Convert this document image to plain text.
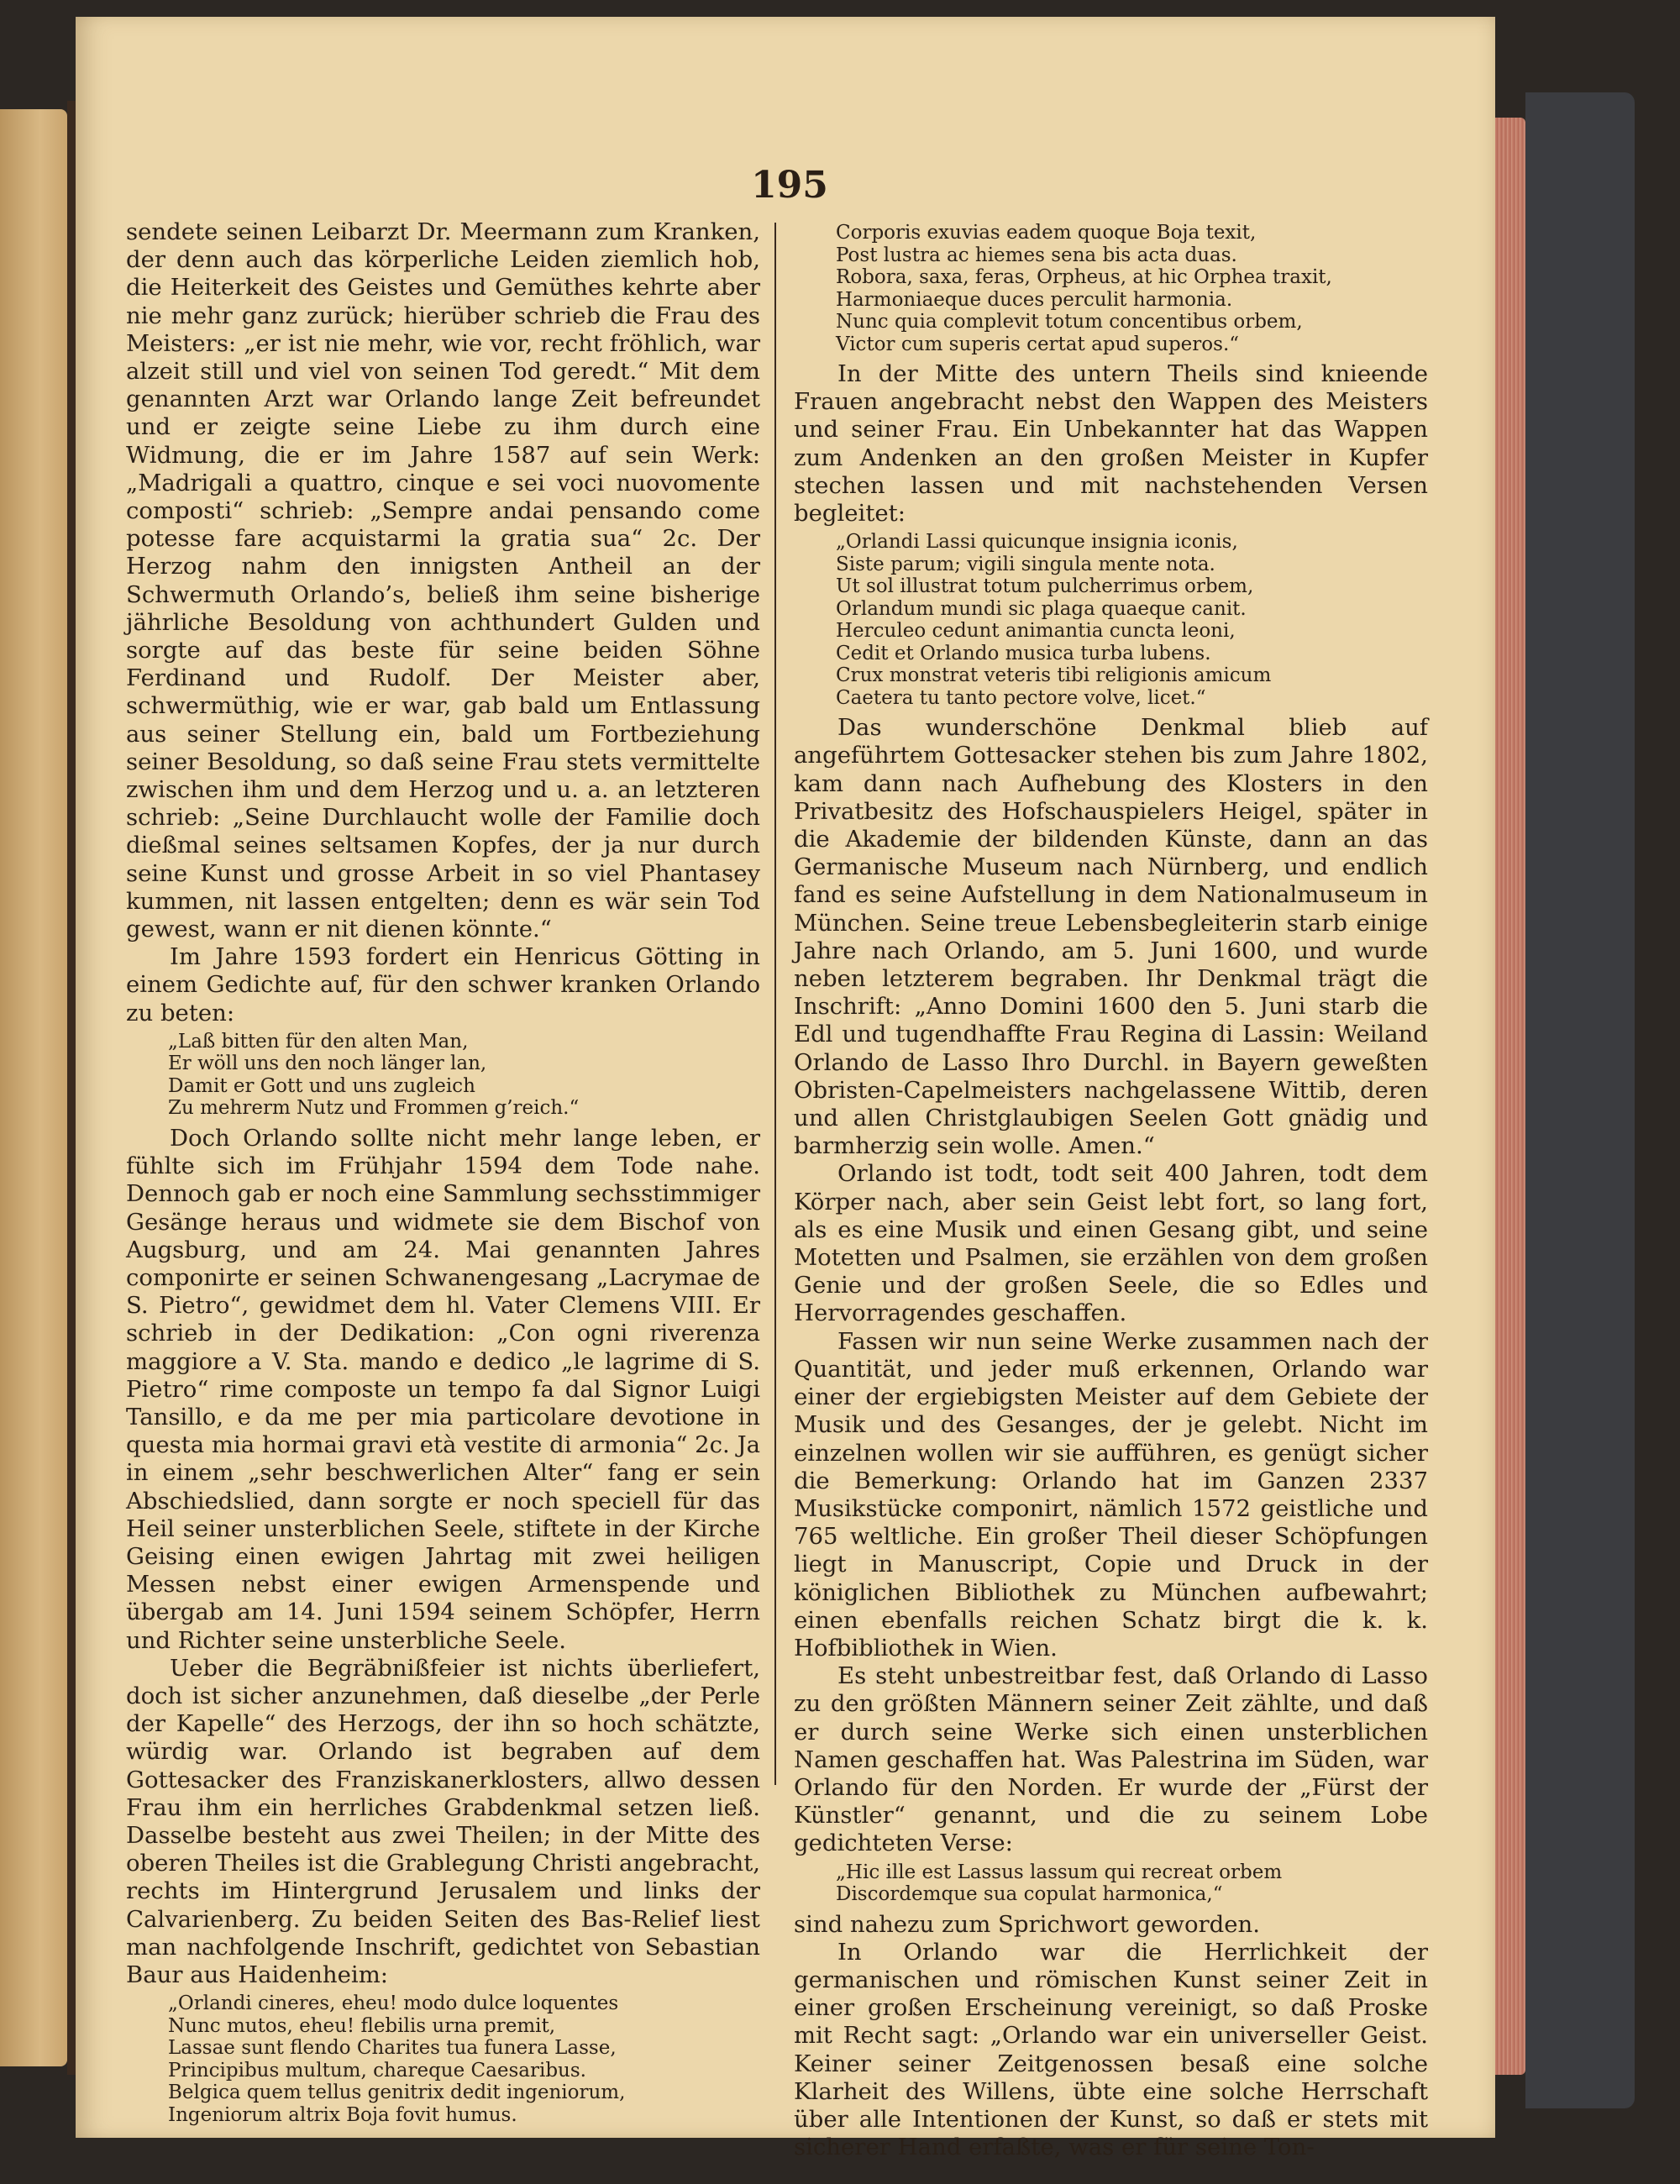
195

sendete seinen Leibarzt Dr. Meermann zum Kranken, der denn auch das körperliche Leiden ziemlich hob, die Heiterkeit des Geistes und Gemüthes kehrte aber nie mehr ganz zurück; hierüber schrieb die Frau des Meisters: „er ist nie mehr, wie vor, recht fröhlich, war alzeit still und viel von seinen Tod geredt.“ Mit dem genannten Arzt war Orlando lange Zeit befreundet und er zeigte seine Liebe zu ihm durch eine Widmung, die er im Jahre 1587 auf sein Werk: „Madrigali a quattro, cinque e sei voci nuovomente composti“ schrieb: „Sempre andai pensando come potesse fare acquistarmi la gratia sua“ 2c. Der Herzog nahm den innigsten Antheil an der Schwermuth Orlando’s, beließ ihm seine bisherige jährliche Besoldung von achthundert Gulden und sorgte auf das beste für seine beiden Söhne Ferdinand und Rudolf. Der Meister aber, schwermüthig, wie er war, gab bald um Entlassung aus seiner Stellung ein, bald um Fortbeziehung seiner Besoldung, so daß seine Frau stets vermittelte zwischen ihm und dem Herzog und u. a. an letzteren schrieb: „Seine Durchlaucht wolle der Familie doch dießmal seines seltsamen Kopfes, der ja nur durch seine Kunst und grosse Arbeit in so viel Phantasey kummen, nit lassen entgelten; denn es wär sein Tod gewest, wann er nit dienen könnte.“

Im Jahre 1593 fordert ein Henricus Götting in einem Gedichte auf, für den schwer kranken Orlando zu beten:

„Laß bitten für den alten Man,
Er wöll uns den noch länger lan,
Damit er Gott und uns zugleich
Zu mehrerm Nutz und Frommen g’reich.“

Doch Orlando sollte nicht mehr lange leben, er fühlte sich im Frühjahr 1594 dem Tode nahe. Dennoch gab er noch eine Sammlung sechsstimmiger Gesänge heraus und widmete sie dem Bischof von Augsburg, und am 24. Mai genannten Jahres componirte er seinen Schwanengesang „Lacrymae de S. Pietro“, gewidmet dem hl. Vater Clemens VIII. Er schrieb in der Dedikation: „Con ogni riverenza maggiore a V. Sta. mando e dedico „le lagrime di S. Pietro“ rime composte un tempo fa dal Signor Luigi Tansillo, e da me per mia particolare devotione in questa mia hormai gravi età vestite di armonia“ 2c. Ja in einem „sehr beschwerlichen Alter“ fang er sein Abschiedslied, dann sorgte er noch speciell für das Heil seiner unsterblichen Seele, stiftete in der Kirche Geising einen ewigen Jahrtag mit zwei heiligen Messen nebst einer ewigen Armenspende und übergab am 14. Juni 1594 seinem Schöpfer, Herrn und Richter seine unsterbliche Seele.

Ueber die Begräbnißfeier ist nichts überliefert, doch ist sicher anzunehmen, daß dieselbe „der Perle der Kapelle“ des Herzogs, der ihn so hoch schätzte, würdig war. Orlando ist begraben auf dem Gottesacker des Franziskanerklosters, allwo dessen Frau ihm ein herrliches Grabdenkmal setzen ließ. Dasselbe besteht aus zwei Theilen; in der Mitte des oberen Theiles ist die Grablegung Christi angebracht, rechts im Hintergrund Jerusalem und links der Calvarienberg. Zu beiden Seiten des Bas-Relief liest man nachfolgende Inschrift, gedichtet von Sebastian Baur aus Haidenheim:

„Orlandi cineres, eheu! modo dulce loquentes
Nunc mutos, eheu! flebilis urna premit,
Lassae sunt flendo Charites tua funera Lasse,
Principibus multum, chareque Caesaribus.
Belgica quem tellus genitrix dedit ingeniorum,
Ingeniorum altrix Boja fovit humus.
Corporis exuvias eadem quoque Boja texit,
Post lustra ac hiemes sena bis acta duas.
Robora, saxa, feras, Orpheus, at hic Orphea traxit,
Harmoniaeque duces perculit harmonia.
Nunc quia complevit totum concentibus orbem,
Victor cum superis certat apud superos.“

In der Mitte des untern Theils sind knieende Frauen angebracht nebst den Wappen des Meisters und seiner Frau. Ein Unbekannter hat das Wappen zum Andenken an den großen Meister in Kupfer stechen lassen und mit nachstehenden Versen begleitet:

„Orlandi Lassi quicunque insignia iconis,
Siste parum; vigili singula mente nota.
Ut sol illustrat totum pulcherrimus orbem,
Orlandum mundi sic plaga quaeque canit.
Herculeo cedunt animantia cuncta leoni,
Cedit et Orlando musica turba lubens.
Crux monstrat veteris tibi religionis amicum
Caetera tu tanto pectore volve, licet.“

Das wunderschöne Denkmal blieb auf angeführtem Gottesacker stehen bis zum Jahre 1802, kam dann nach Aufhebung des Klosters in den Privatbesitz des Hofschauspielers Heigel, später in die Akademie der bildenden Künste, dann an das Germanische Museum nach Nürnberg, und endlich fand es seine Aufstellung in dem Nationalmuseum in München. Seine treue Lebensbegleiterin starb einige Jahre nach Orlando, am 5. Juni 1600, und wurde neben letzterem begraben. Ihr Denkmal trägt die Inschrift: „Anno Domini 1600 den 5. Juni starb die Edl und tugendhaffte Frau Regina di Lassin: Weiland Orlando de Lasso Ihro Durchl. in Bayern geweßten Obristen-Capelmeisters nachgelassene Wittib, deren und allen Christglaubigen Seelen Gott gnädig und barmherzig sein wolle. Amen.“

Orlando ist todt, todt seit 400 Jahren, todt dem Körper nach, aber sein Geist lebt fort, so lang fort, als es eine Musik und einen Gesang gibt, und seine Motetten und Psalmen, sie erzählen von dem großen Genie und der großen Seele, die so Edles und Hervorragendes geschaffen.

Fassen wir nun seine Werke zusammen nach der Quantität, und jeder muß erkennen, Orlando war einer der ergiebigsten Meister auf dem Gebiete der Musik und des Gesanges, der je gelebt. Nicht im einzelnen wollen wir sie aufführen, es genügt sicher die Bemerkung: Orlando hat im Ganzen 2337 Musikstücke componirt, nämlich 1572 geistliche und 765 weltliche. Ein großer Theil dieser Schöpfungen liegt in Manuscript, Copie und Druck in der königlichen Bibliothek zu München aufbewahrt; einen ebenfalls reichen Schatz birgt die k. k. Hofbibliothek in Wien.

Es steht unbestreitbar fest, daß Orlando di Lasso zu den größten Männern seiner Zeit zählte, und daß er durch seine Werke sich einen unsterblichen Namen geschaffen hat. Was Palestrina im Süden, war Orlando für den Norden. Er wurde der „Fürst der Künstler“ genannt, und die zu seinem Lobe gedichteten Verse:

„Hic ille est Lassus lassum qui recreat orbem
Discordemque sua copulat harmonica,“

sind nahezu zum Sprichwort geworden.

In Orlando war die Herrlichkeit der germanischen und römischen Kunst seiner Zeit in einer großen Erscheinung vereinigt, so daß Proske mit Recht sagt: „Orlando war ein universeller Geist. Keiner seiner Zeitgenossen besaß eine solche Klarheit des Willens, übte eine solche Herrschaft über alle Intentionen der Kunst, so daß er stets mit sicherer Hand erfaßte, was er für seine Ton-
